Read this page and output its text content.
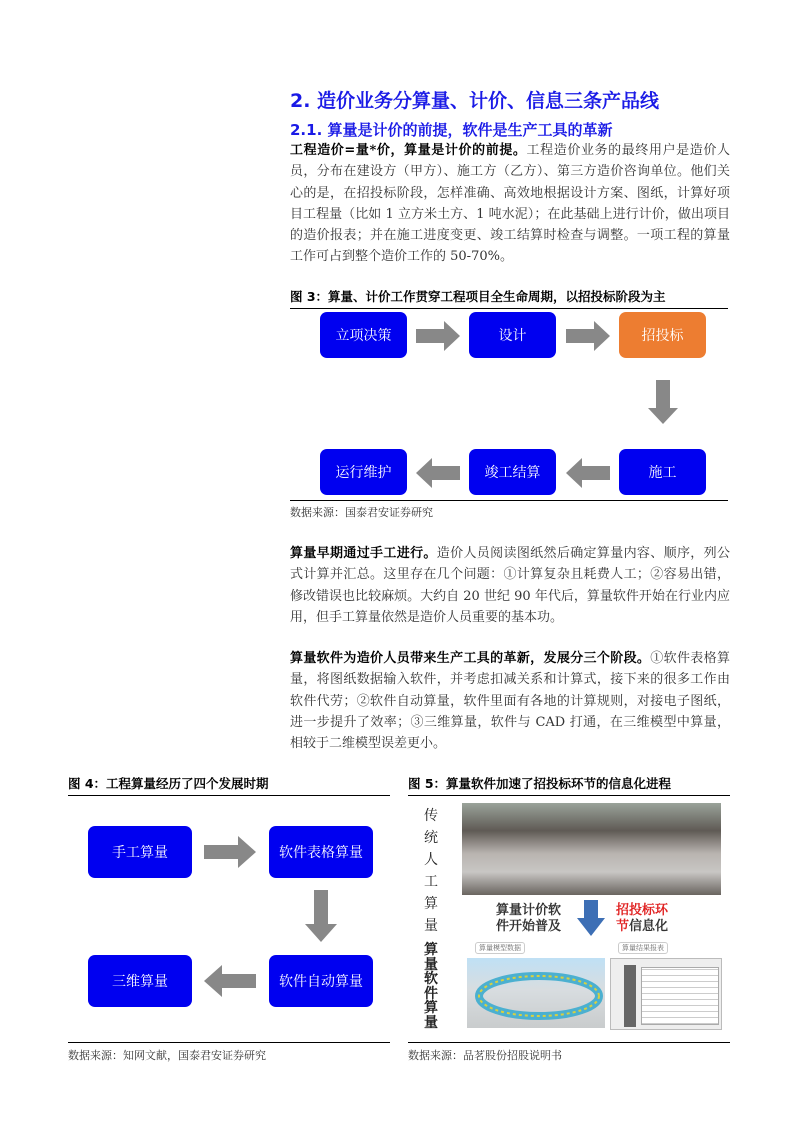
2. 造价业务分算量、计价、信息三条产品线
2.1. 算量是计价的前提，软件是生产工具的革新
工程造价=量*价，算量是计价的前提。工程造价业务的最终用户是造价人员，分布在建设方（甲方）、施工方（乙方）、第三方造价咨询单位。他们关心的是，在招投标阶段，怎样准确、高效地根据设计方案、图纸，计算好项目工程量（比如 1 立方米土方、1 吨水泥）；在此基础上进行计价，做出项目的造价报表；并在施工进度变更、竣工结算时检查与调整。一项工程的算量工作可占到整个造价工作的 50-70%。
图 3：算量、计价工作贯穿工程项目全生命周期，以招投标阶段为主
立项决策	设计	招投标
施工
竣工结算
运行维护
数据来源：国泰君安证券研究
算量早期通过手工进行。造价人员阅读图纸然后确定算量内容、顺序，列公式计算并汇总。这里存在几个问题：①计算复杂且耗费人工；②容易出错，修改错误也比较麻烦。大约自 20 世纪 90 年代后，算量软件开始在行业内应用，但手工算量依然是造价人员重要的基本功。
算量软件为造价人员带来生产工具的革新，发展分三个阶段。①软件表格算量，将图纸数据输入软件，并考虑扣减关系和计算式，接下来的很多工作由软件代劳；②软件自动算量，软件里面有各地的计算规则，对接电子图纸，进一步提升了效率；③三维算量，软件与 CAD 打通，在三维模型中算量，相较于二维模型误差更小。
图 4：工程算量经历了四个发展时期
手工算量	软件表格算量
软件自动算量
三维算量
数据来源：知网文献，国泰君安证券研究
图 5：算量软件加速了招投标环节的信息化进程
传统人工算量
算量计价软件开始普及
招投标环节信息化
算量软件算量
算量模型数据	算量结果报表
数据来源：品茗股份招股说明书
